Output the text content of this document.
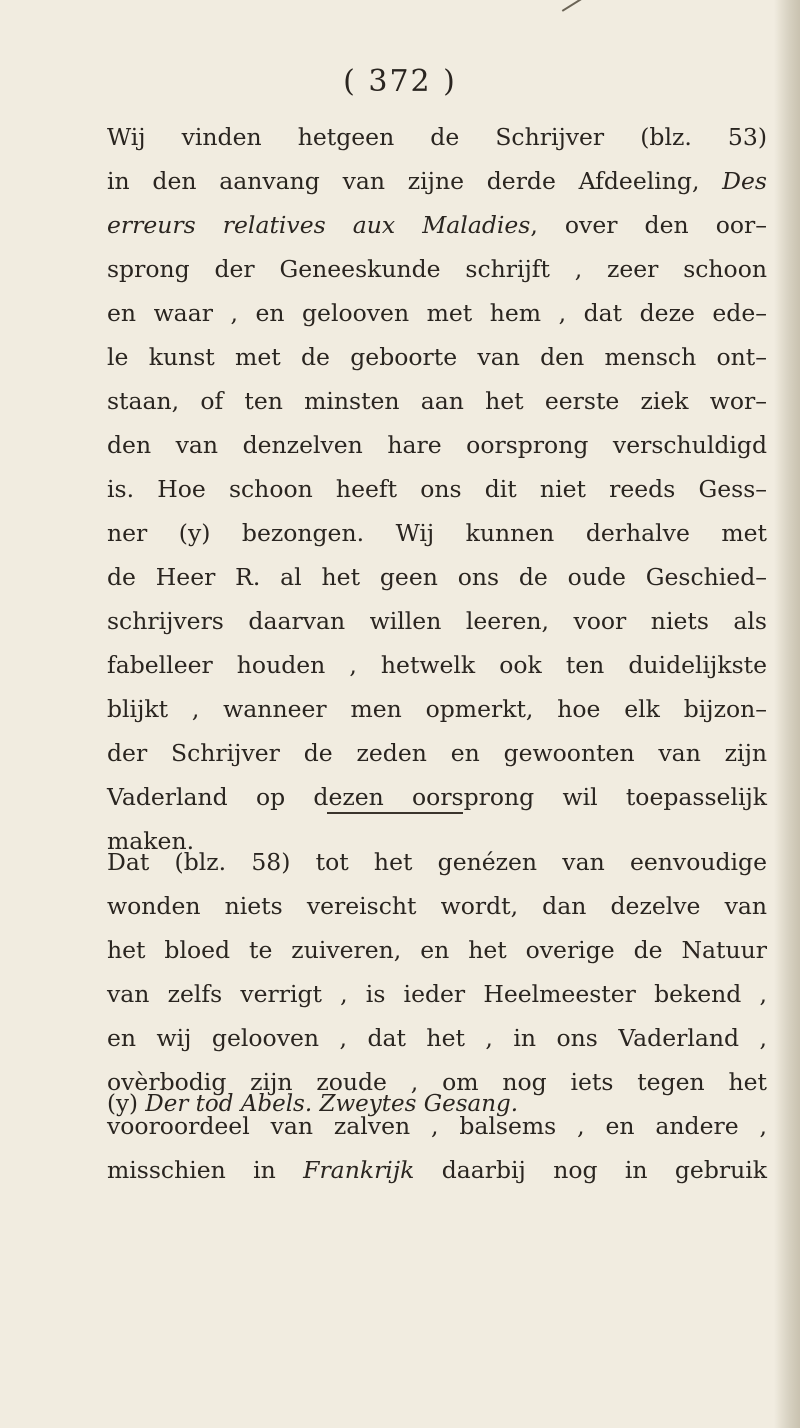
( 372 )
Wij vinden hetgeen de Schrijver (blz. 53)
in den aanvang van zijne derde Afdeeling, Des
erreurs relatives aux Maladies, over den oor–
sprong der Geneeskunde schrijft , zeer schoon
en waar , en gelooven met hem , dat deze ede–
le kunst met de geboorte van den mensch ont–
staan, of ten minsten aan het eerste ziek wor–
den van denzelven hare oorsprong verschuldigd
is. Hoe schoon heeft ons dit niet reeds Gess–
ner (y) bezongen. Wij kunnen derhalve met
de Heer R. al het geen ons de oude Geschied–
schrijvers daarvan willen leeren, voor niets als
fabelleer houden , hetwelk ook ten duidelijkste
blijkt , wanneer men opmerkt, hoe elk bijzon–
der Schrijver de zeden en gewoonten van zijn
Vaderland op dezen oorsprong wil toepasselijk
maken.
Dat (blz. 58) tot het genézen van eenvoudige
wonden niets vereischt wordt, dan dezelve van
het bloed te zuiveren, en het overige de Natuur
van zelfs verrigt , is ieder Heelmeester bekend ,
en wij gelooven , dat het , in ons Vaderland ,
ovèrbodig zijn zoude , om nog iets tegen het
vooroordeel van zalven , balsems , en andere ,
misschien in Frankrijk daarbij nog in gebruik
(y) Der tod Abels. Zweytes Gesang.
